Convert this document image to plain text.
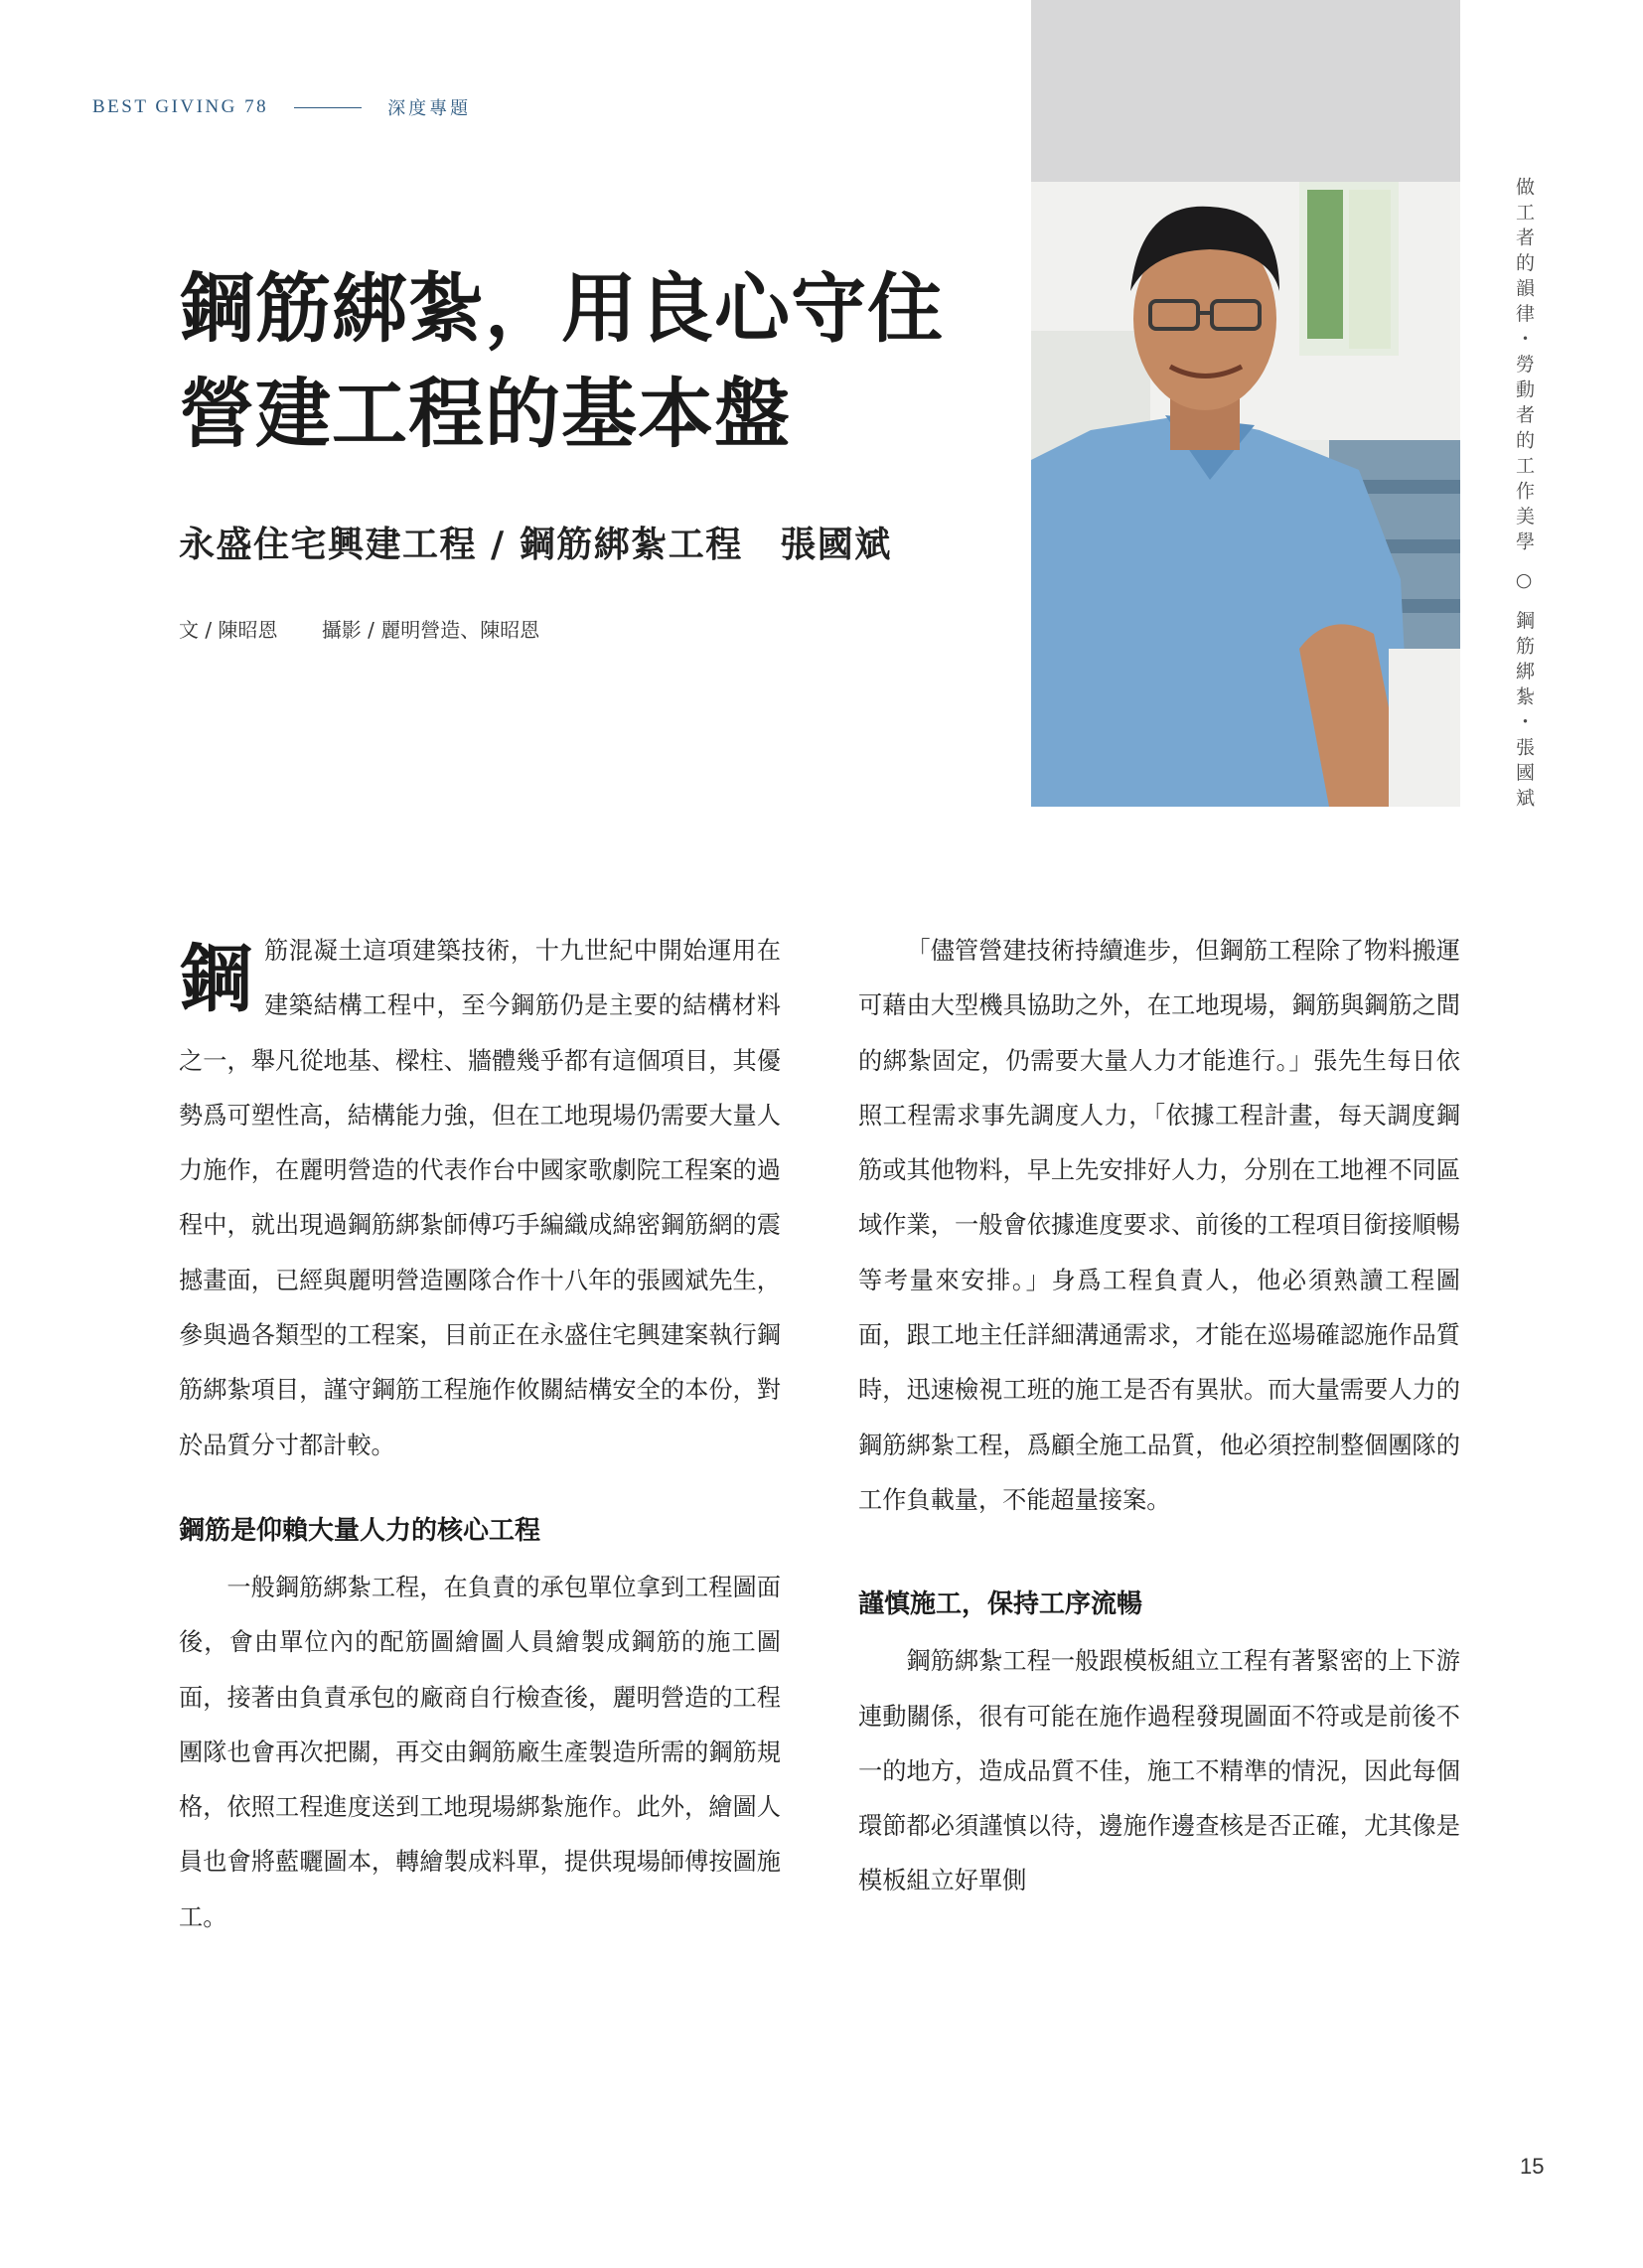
BEST GIVING 78	深度專題
做工者的韻律・勞動者的工作美學 ○ 鋼筋綁紮・張國斌
鋼筋綁紮，用良心守住
營建工程的基本盤
永盛住宅興建工程 / 鋼筋綁紮工程　張國斌
文 / 陳昭恩 攝影 / 麗明營造、陳昭恩

鋼筋混凝土這項建築技術，十九世紀中開始運用在建築結構工程中，至今鋼筋仍是主要的結構材料之一，舉凡從地基、樑柱、牆體幾乎都有這個項目，其優勢爲可塑性高，結構能力強，但在工地現場仍需要大量人力施作，在麗明營造的代表作台中國家歌劇院工程案的過程中，就出現過鋼筋綁紮師傅巧手編織成綿密鋼筋網的震撼畫面，已經與麗明營造團隊合作十八年的張國斌先生，參與過各類型的工程案，目前正在永盛住宅興建案執行鋼筋綁紮項目，謹守鋼筋工程施作攸關結構安全的本份，對於品質分寸都計較。

鋼筋是仰賴大量人力的核心工程

一般鋼筋綁紮工程，在負責的承包單位拿到工程圖面後，會由單位內的配筋圖繪圖人員繪製成鋼筋的施工圖面，接著由負責承包的廠商自行檢查後，麗明營造的工程團隊也會再次把關，再交由鋼筋廠生產製造所需的鋼筋規格，依照工程進度送到工地現場綁紮施作。此外，繪圖人員也會將藍曬圖本，轉繪製成料單，提供現場師傅按圖施工。

「儘管營建技術持續進步，但鋼筋工程除了物料搬運可藉由大型機具協助之外，在工地現場，鋼筋與鋼筋之間的綁紮固定，仍需要大量人力才能進行。」張先生每日依照工程需求事先調度人力，「依據工程計畫，每天調度鋼筋或其他物料，早上先安排好人力，分別在工地裡不同區域作業，一般會依據進度要求、前後的工程項目銜接順暢等考量來安排。」身爲工程負責人，他必須熟讀工程圖面，跟工地主任詳細溝通需求，才能在巡場確認施作品質時，迅速檢視工班的施工是否有異狀。而大量需要人力的鋼筋綁紮工程，爲顧全施工品質，他必須控制整個團隊的工作負載量，不能超量接案。

謹慎施工，保持工序流暢

鋼筋綁紮工程一般跟模板組立工程有著緊密的上下游連動關係，很有可能在施作過程發現圖面不符或是前後不一的地方，造成品質不佳，施工不精準的情況，因此每個環節都必須謹慎以待，邊施作邊查核是否正確，尤其像是模板組立好單側

15
